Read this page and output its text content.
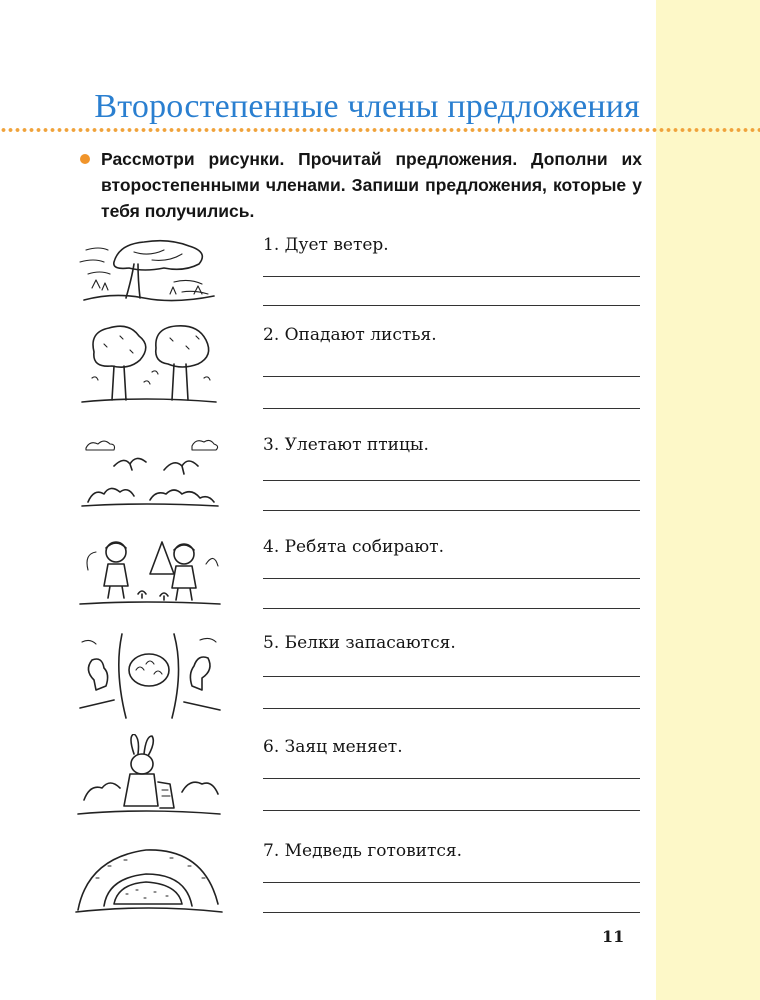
Второстепенные члены предложения

Рассмотри рисунки. Прочитай предложения. Дополни их второстепенными членами. Запиши предложения, которые у тебя получились.

1. Дует ветер.
2. Опадают листья.
3. Улетают птицы.
4. Ребята собирают.
5. Белки запасаются.
6. Заяц меняет.
7. Медведь готовится.
11
